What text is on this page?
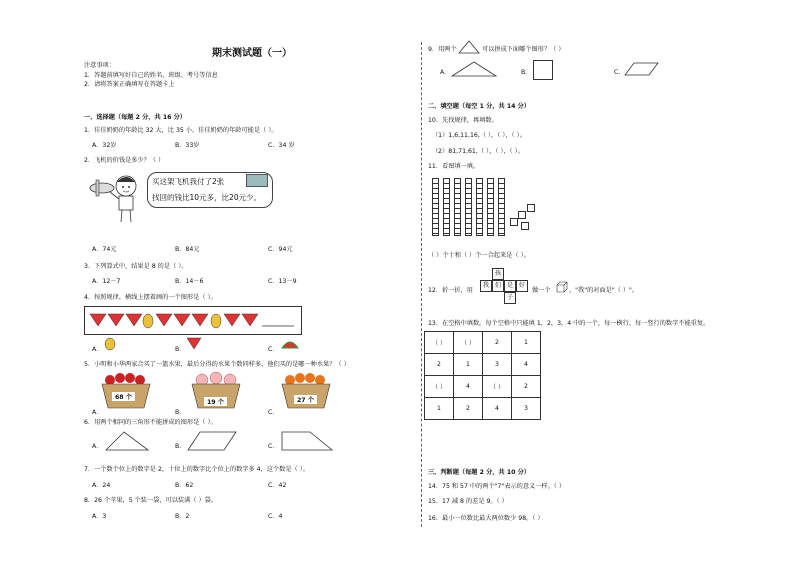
期末测试题（一）
注意事项：
1．答题前填写好自己的姓名、班级、考号等信息
2．请将答案正确填写在答题卡上
一、选择题（每题 2 分，共 16 分）
1．佳佳奶奶的年龄比 32 大，比 35 小，佳佳奶奶的年龄可能是（ ）。
A．32岁	B．33岁	C．34 岁
2．飞机的价钱是多少？（ ）
买这架飞机我付了2张
找回的钱比10元多，比20元少。
A．74元	B．84元	C．94元
3．下列算式中，结果是 8 的是（ ）。
A．12－7	B．14－6	C．13－9
4．按照规律，横线上摆着画的一个图形是（ ）。
A．	B．	C．
5．小明和小华两家合买了一篮水果，最后分得的水果个数同样多，他们买的是哪一种水果？（ ）
68 个
19 个	27 个
A．	B．	C．
6．用两个相同的三角形不能拼成的图形是（ ）。
A．	B．	C．
7．一个数个位上的数字是 2，十位上的数字比个位上的数字多 4，这个数是（ ）。
A．24	B．62	C．42
8．26 个苹果，5 个装一袋，可以装满（ ）袋。
A．3	B．2	C．4
9．用两个	可以拼成下面哪个图形？（ ）
A．	B．	C．
二、填空题（每空 1 分，共 14 分）
10．先找规律，再填数。
（1）1,6,11,16,（ ），（ ），（ ）。
（2）81,71,61,（ ），（ ），（ ）。
11．看图填一填。
（ ）个十和（ ）个一合起来是（ ）。
12．折一折，用
孩
我 们 是 好
子
做一个	，"我"的对面是"（ ）"。
13．在空格中填数。每个空格中只能填 1，2，3，4 中的一个，每一横行、每一竖行的数字不能重复。
（ ）	（ ）	2	1
2	1	3	4
（ ）	4	（ ）	2
1	2	4	3
三、判断题（每题 2 分，共 10 分）
14．75 和 57 中的两个"7"表示的意义一样。（ ）
15．17 减 8 的差是 9。（ ）
16．最小一位数比最大两位数少 98。（ ）
